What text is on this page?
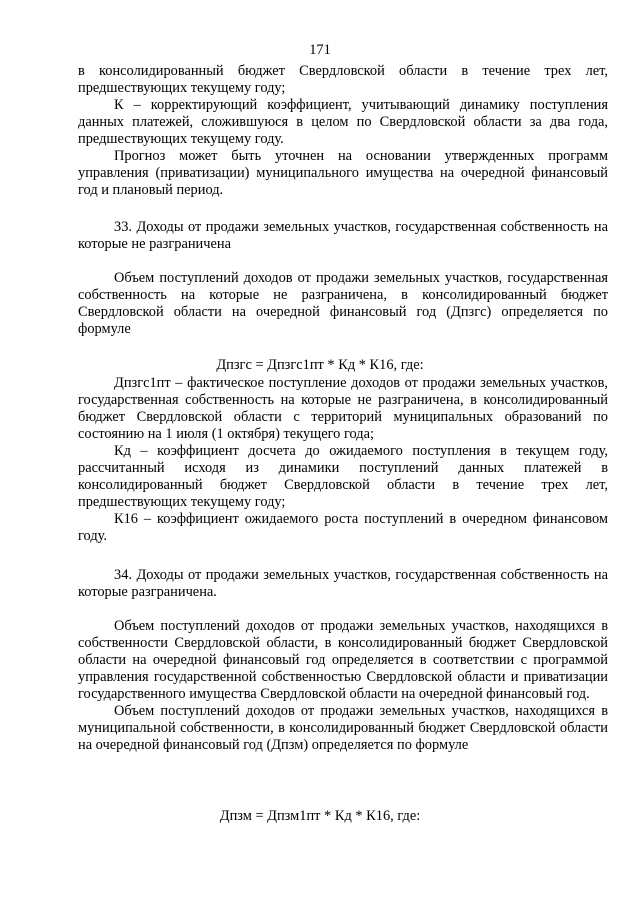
171

в консолидированный бюджет Свердловской области в течение трех лет, предшествующих текущему году;

К – корректирующий коэффициент, учитывающий динамику поступления данных платежей, сложившуюся в целом по Свердловской области за два года, предшествующих текущему году.

Прогноз может быть уточнен на основании утвержденных программ управления (приватизации) муниципального имущества на очередной финансовый год и плановый период.

33. Доходы от продажи земельных участков, государственная собственность на которые не разграничена

Объем поступлений доходов от продажи земельных участков, государственная собственность на которые не разграничена, в консолидированный бюджет Свердловской области на очередной финансовый год (Дпзгс) определяется по формуле

Дпзгс = Дпзгс1пт * Кд * К16, где:

Дпзгс1пт – фактическое поступление доходов от продажи земельных участков, государственная собственность на которые не разграничена, в консолидированный бюджет Свердловской области с территорий муниципальных образований по состоянию на 1 июля (1 октября) текущего года;

Кд – коэффициент досчета до ожидаемого поступления в текущем году, рассчитанный исходя из динамики поступлений данных платежей в консолидированный бюджет Свердловской области в течение трех лет, предшествующих текущему году;

К16 – коэффициент ожидаемого роста поступлений в очередном финансовом году.

34. Доходы от продажи земельных участков, государственная собственность на которые разграничена.

Объем поступлений доходов от продажи земельных участков, находящихся в собственности Свердловской области, в консолидированный бюджет Свердловской области на очередной финансовый год определяется в соответствии с программой управления государственной собственностью Свердловской области и приватизации государственного имущества Свердловской области на очередной финансовый год.

Объем поступлений доходов от продажи земельных участков, находящихся в муниципальной собственности, в консолидированный бюджет Свердловской области на очередной финансовый год (Дпзм) определяется по формуле

Дпзм = Дпзм1пт * Кд * К16, где:
